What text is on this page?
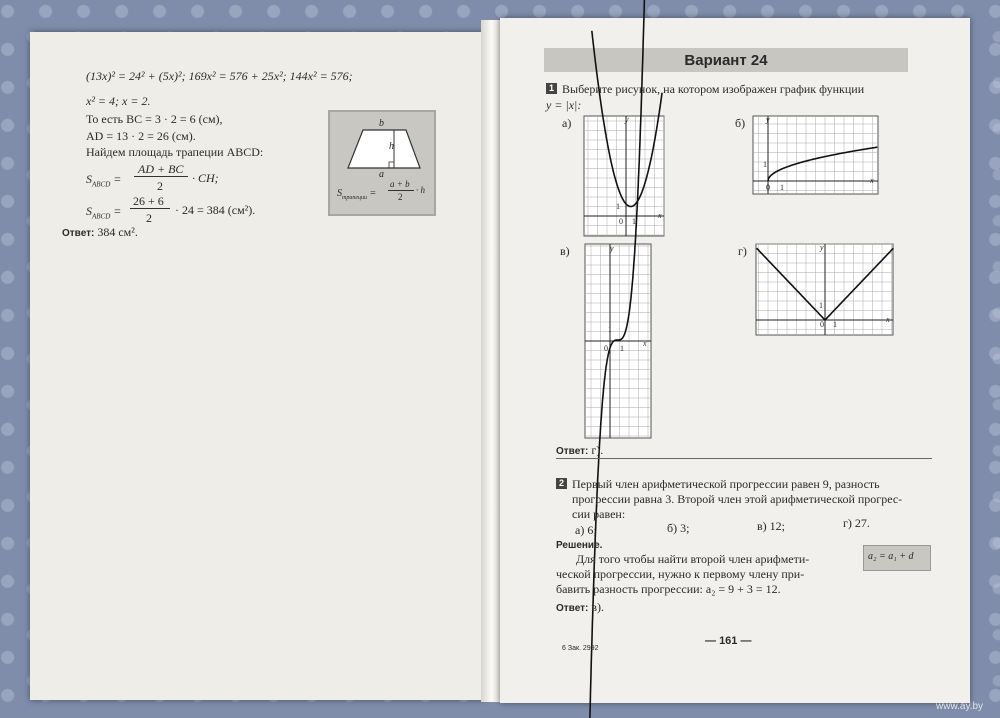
(13x)² = 24² + (5x)²; 169x² = 576 + 25x²; 144x² = 576;
x² = 4; x = 2.
То есть BC = 3 · 2 = 6 (см),
AD = 13 · 2 = 26 (см).
Найдем площадь трапеции ABCD:
$S_{ABCD}$ =
AD + BC
2
· CH;
$S_{ABCD}$ =
26 + 6
2
· 24 = 384 (см²).
Ответ: 384 см².
b
h
a
$S_{трапеции}$ =
a + b
2
· h
Вариант 24
1 Выберите рисунок, на котором изображен график функции
y = |x|:
а)	б)
в)	г)
y
x
0 1
1
y
x
0 1
1
y
x
0 1
1
y
x
0 1
1
Ответ: г).
2 Первый член арифметической прогрессии равен 9, разность
прогрессии равна 3. Второй член этой арифметической прогрес-
сии равен:
а) 6;	б) 3;	в) 12;	г) 27.
Решение.
Для того чтобы найти второй член арифмети-
ческой прогрессии, нужно к первому члену при-
бавить разность прогрессии: a₂ = 9 + 3 = 12.
a₂ = a₁ + d
Ответ: в).
6 Зак. 2992
— 161 —
www.ay.by
